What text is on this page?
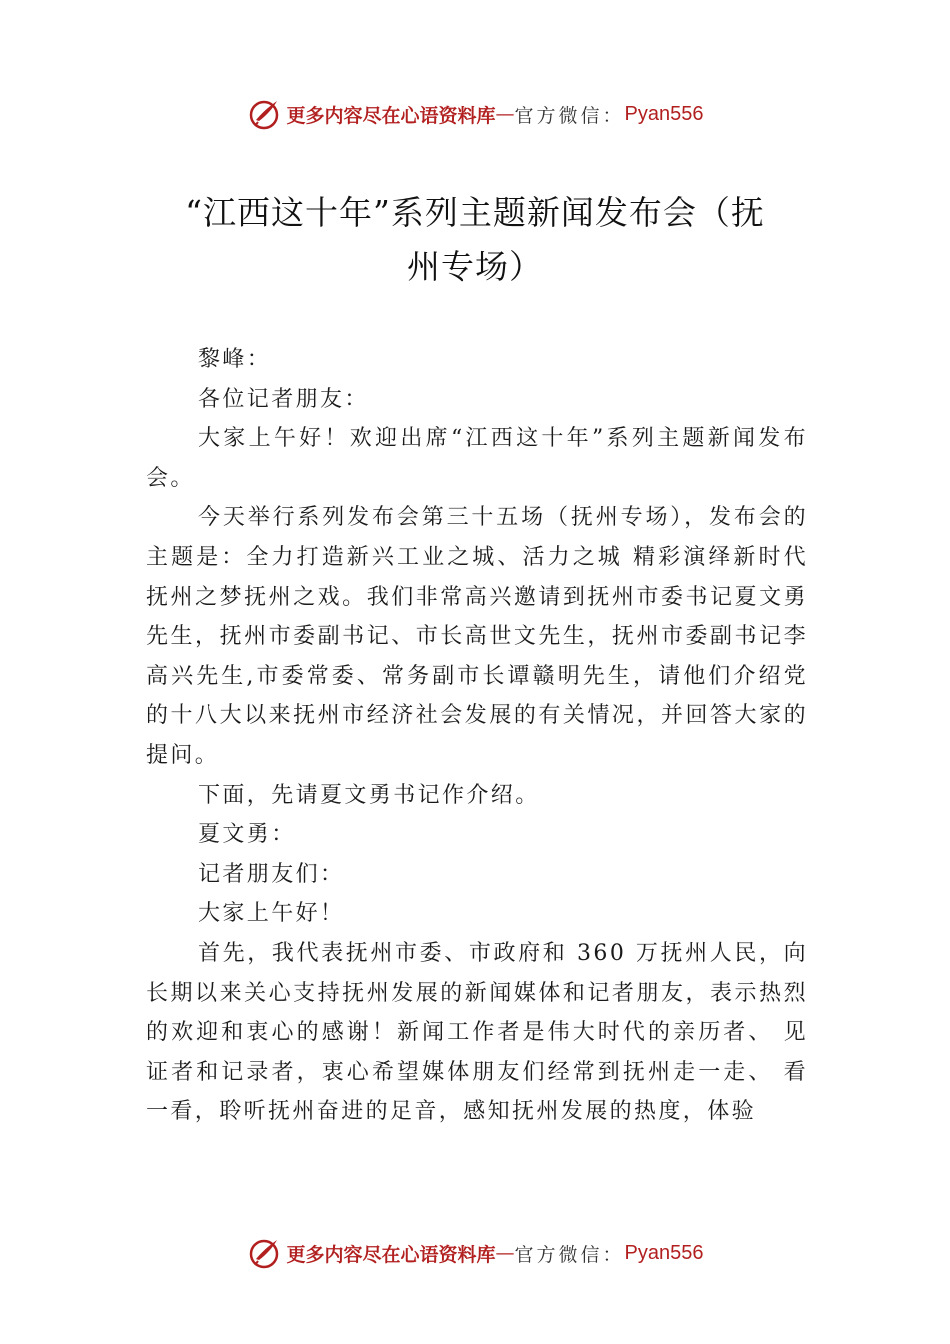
更多内容尽在心语资料库 — 官方微信： Pyan556
“江西这十年”系列主题新闻发布会（抚
州专场）

黎峰：

各位记者朋友：

大家上午好！欢迎出席“江西这十年”系列主题新闻发布会。

今天举行系列发布会第三十五场（抚州专场），发布会的主题是：全力打造新兴工业之城、活力之城 精彩演绎新时代抚州之梦抚州之戏。我们非常高兴邀请到抚州市委书记夏文勇先生，抚州市委副书记、市长高世文先生，抚州市委副书记李高兴先生,市委常委、常务副市长谭赣明先生，请他们介绍党的十八大以来抚州市经济社会发展的有关情况，并回答大家的提问。

下面，先请夏文勇书记作介绍。

夏文勇：

记者朋友们：

大家上午好！

首先，我代表抚州市委、市政府和 360 万抚州人民，向长期以来关心支持抚州发展的新闻媒体和记者朋友，表示热烈的欢迎和衷心的感谢！新闻工作者是伟大时代的亲历者、 见证者和记录者，衷心希望媒体朋友们经常到抚州走一走、 看一看，聆听抚州奋进的足音，感知抚州发展的热度，体验

更多内容尽在心语资料库 — 官方微信： Pyan556
